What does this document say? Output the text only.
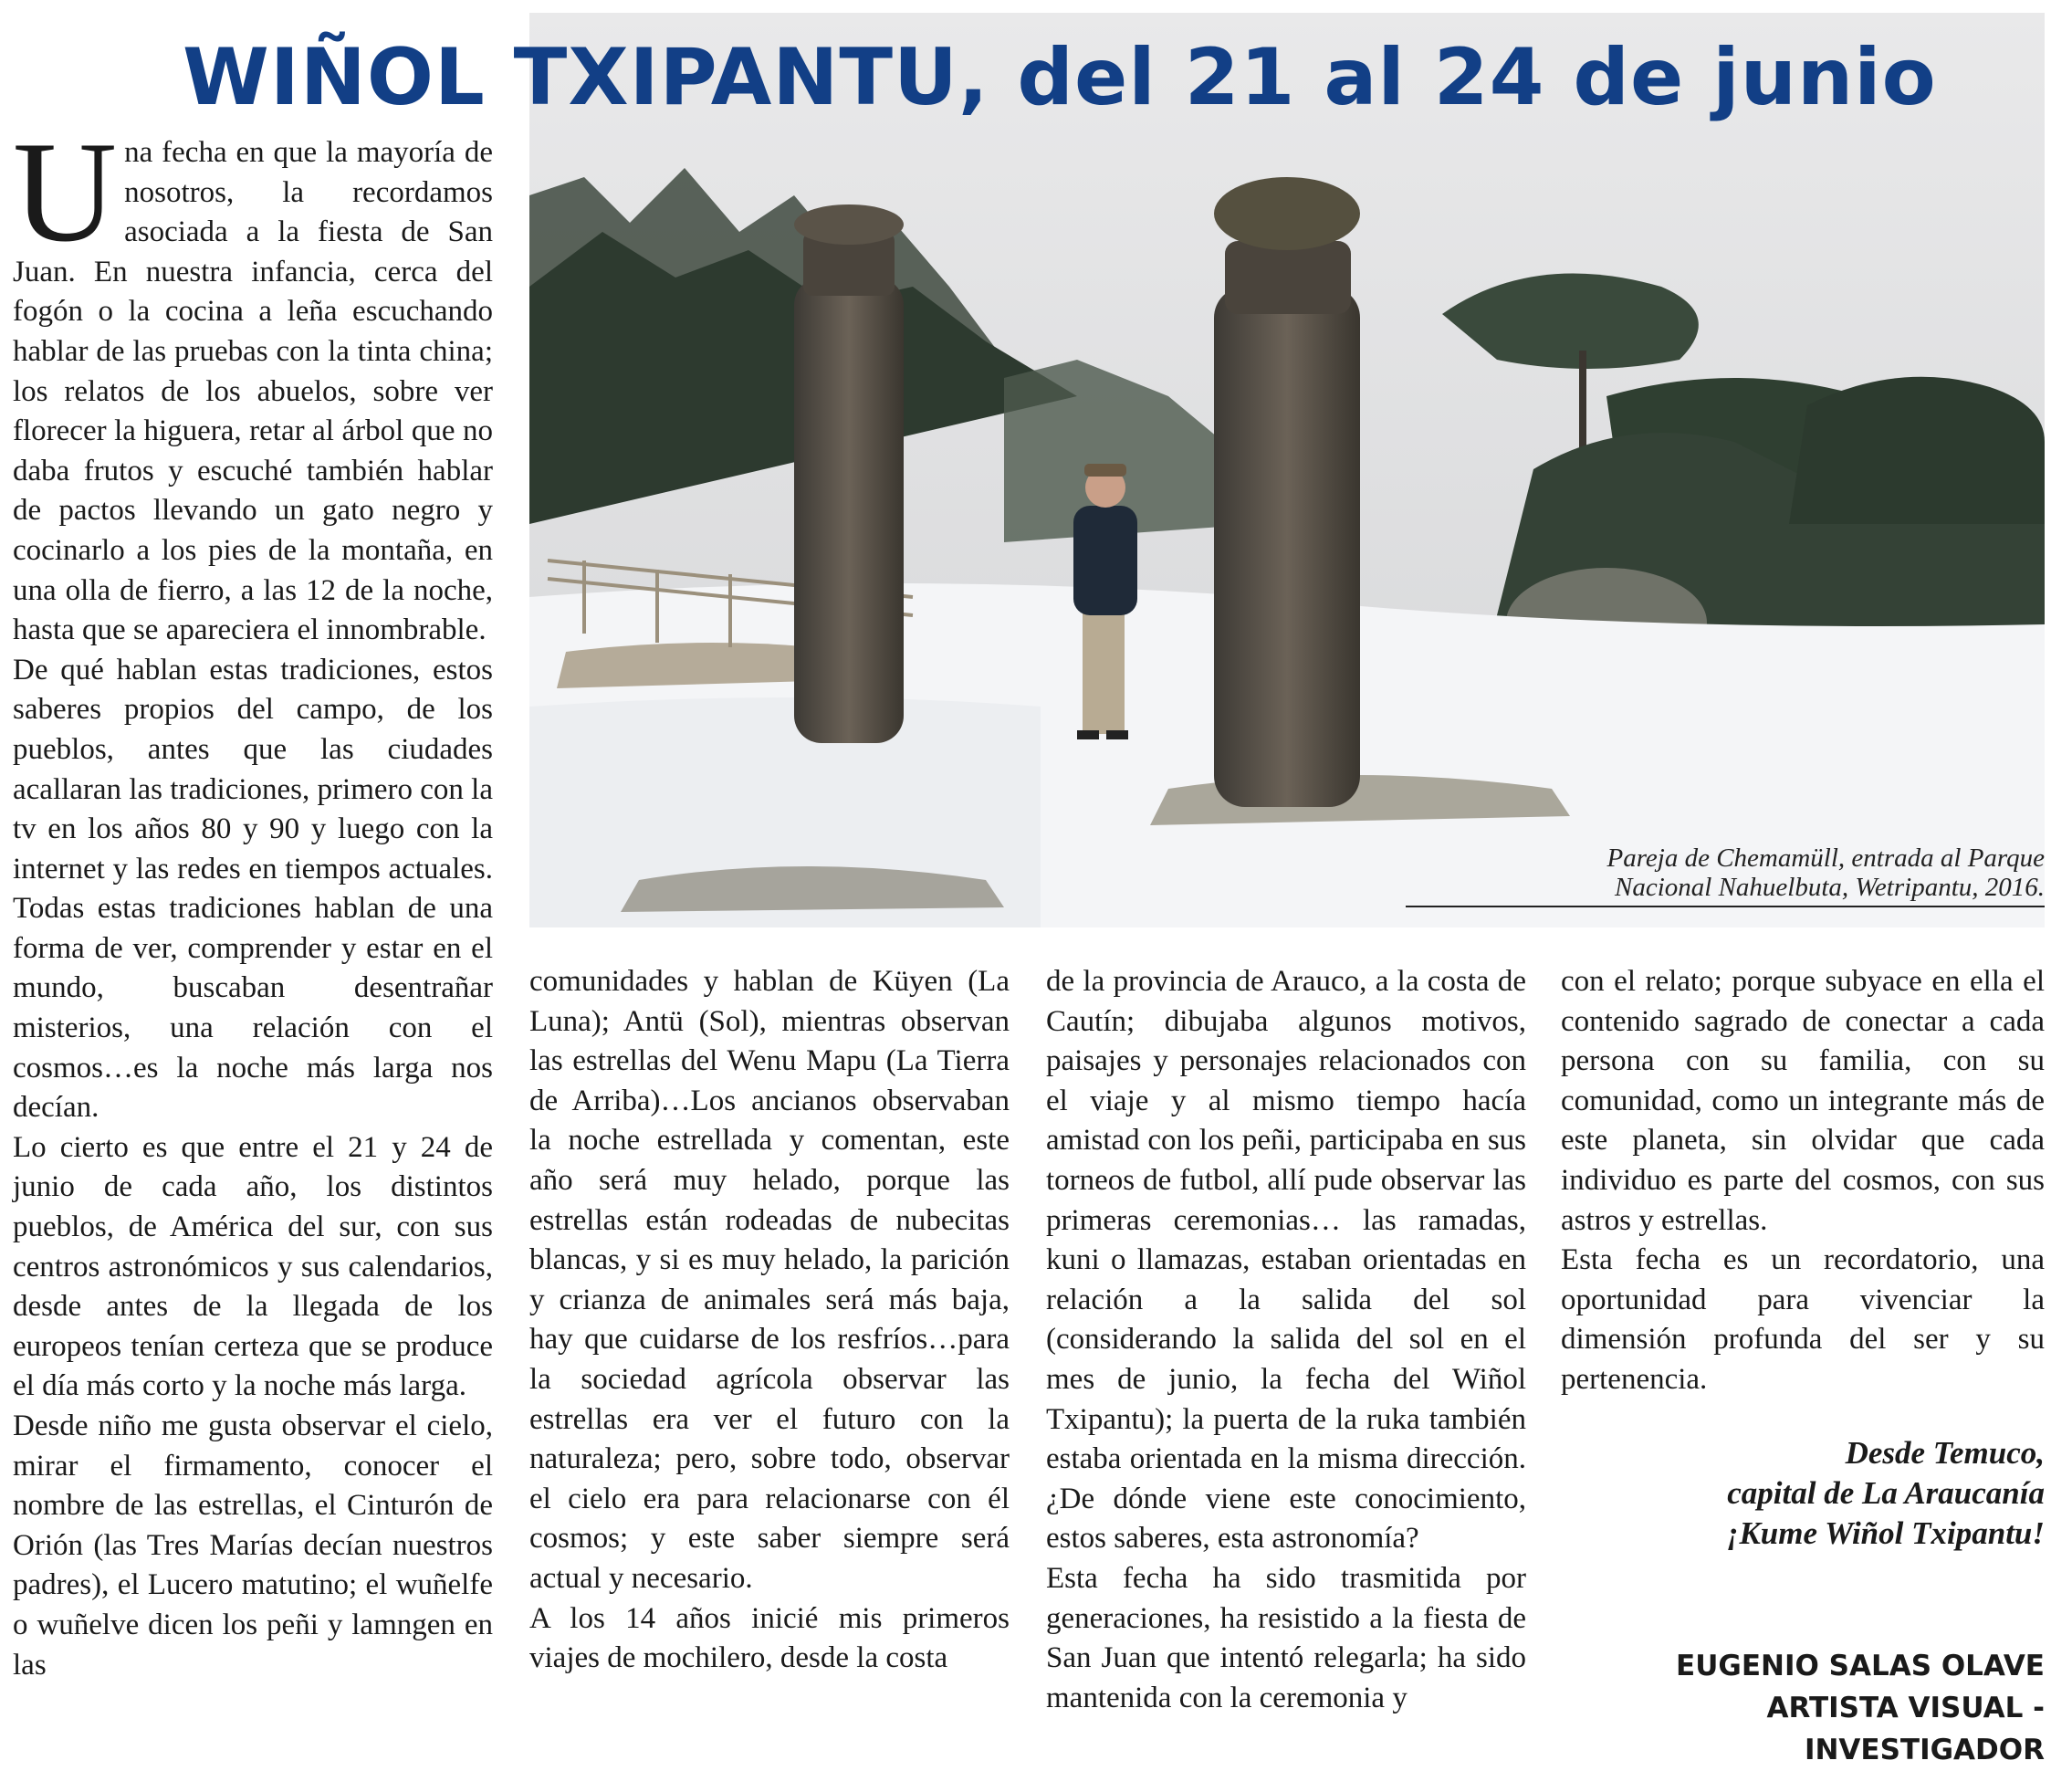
WIÑOL TXIPANTU, del 21 al 24 de junio
Pareja de Chemamüll, entrada al Parque
Nacional Nahuelbuta, Wetripantu, 2016.

Una fecha en que la mayoría de nosotros, la recordamos asociada a la fiesta de San Juan. En nuestra infancia, cerca del fogón o la cocina a leña escuchando hablar de las pruebas con la tinta china; los relatos de los abuelos, sobre ver florecer la higuera, retar al árbol que no daba frutos y escuché también hablar de pactos llevando un gato negro y cocinarlo a los pies de la montaña, en una olla de fierro, a las 12 de la noche, hasta que se apareciera el innombrable.

De qué hablan estas tradiciones, estos saberes propios del campo, de los pueblos, antes que las ciudades acallaran las tradiciones, primero con la tv en los años 80 y 90 y luego con la internet y las redes en tiempos actuales. Todas estas tradiciones hablan de una forma de ver, comprender y estar en el mundo, buscaban desentrañar misterios, una relación con el cosmos…es la noche más larga nos decían.

Lo cierto es que entre el 21 y 24 de junio de cada año, los distintos pueblos, de América del sur, con sus centros astronómicos y sus calendarios, desde antes de la llegada de los europeos tenían certeza que se produce el día más corto y la noche más larga.

Desde niño me gusta observar el cielo, mirar el firmamento, conocer el nombre de las estrellas, el Cinturón de Orión (las Tres Marías decían nuestros padres), el Lucero matutino; el wuñelfe o wuñelve dicen los peñi y lamngen en las

comunidades y hablan de Küyen (La Luna); Antü (Sol), mientras observan las estrellas del Wenu Mapu (La Tierra de Arriba)…Los ancianos observaban la noche estrellada y comentan, este año será muy helado, porque las estrellas están rodeadas de nubecitas blancas, y si es muy helado, la parición y crianza de animales será más baja, hay que cuidarse de los resfríos…para la sociedad agrícola observar las estrellas era ver el futuro con la naturaleza; pero, sobre todo, observar el cielo era para relacionarse con él cosmos; y este saber siempre será actual y necesario.

A los 14 años inicié mis primeros viajes de mochilero, desde la costa

de la provincia de Arauco, a la costa de Cautín; dibujaba algunos motivos, paisajes y personajes relacionados con el viaje y al mismo tiempo hacía amistad con los peñi, participaba en sus torneos de futbol, allí pude observar las primeras ceremonias… las ramadas, kuni o llamazas, estaban orientadas en relación a la salida del sol (considerando la salida del sol en el mes de junio, la fecha del Wiñol Txipantu); la puerta de la ruka también estaba orientada en la misma dirección. ¿De dónde viene este conocimiento, estos saberes, esta astronomía?

Esta fecha ha sido trasmitida por generaciones, ha resistido a la fiesta de San Juan que intentó relegarla; ha sido mantenida con la ceremonia y

con el relato; porque subyace en ella el contenido sagrado de conectar a cada persona con su familia, con su comunidad, como un integrante más de este planeta, sin olvidar que cada individuo es parte del cosmos, con sus astros y estrellas.

Esta fecha es un recordatorio, una oportunidad para vivenciar la dimensión profunda del ser y su pertenencia.

Desde Temuco,
capital de La Araucanía
¡Kume Wiñol Txipantu!
EUGENIO SALAS OLAVE
ARTISTA VISUAL - INVESTIGADOR
